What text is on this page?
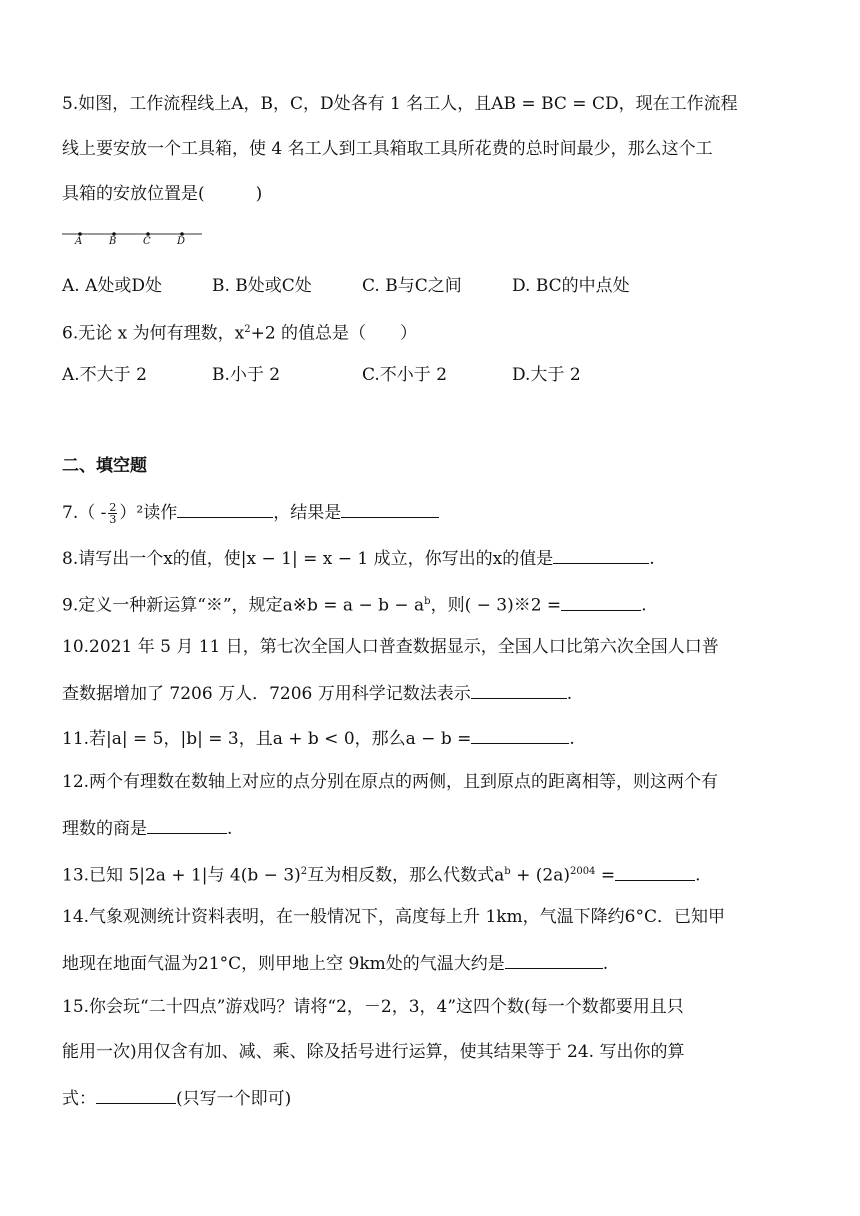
5.如图，工作流程线上A，B，C，D处各有 1 名工人，且AB = BC = CD，现在工作流程
线上要安放一个工具箱，使 4 名工人到工具箱取工具所花费的总时间最少，那么这个工
具箱的安放位置是(　　　)
A	B	C	D
A. A处或D处	B. B处或C处	C. B与C之间	D. BC的中点处
6.无论 x 为何有理数，$x^2+2$ 的值总是（　　）
A.不大于 2	B.小于 2	C.不小于 2	D.大于 2
二、填空题
$7.( - \frac{2}{3} )^2$读作	，结果是
8.请写出一个x的值，使|x − 1| = x − 1 成立，你写出的x的值是	.
9.定义一种新运算“※”，规定a※b = $a - b - a^b$，则( − 3)※2 =	.
10.2021 年 5 月 11 日，第七次全国人口普查数据显示，全国人口比第六次全国人口普
查数据增加了 7206 万人．7206 万用科学记数法表示	.
11.若|a| = 5，|b| = 3，且a + b < 0，那么a − b =	.
12.两个有理数在数轴上对应的点分别在原点的两侧，且到原点的距离相等，则这两个有
理数的商是	.
13.已知 5|2a + 1|与 $4(b - 3)^2$互为相反数，那么代数式$a^b + (2a)^{2004}$ =	.
14.气象观测统计资料表明，在一般情况下，高度每上升 1km，气温下降约6°C．已知甲
地现在地面气温为21°C，则甲地上空 9km处的气温大约是	.
15.你会玩“二十四点”游戏吗？请将“2，－2，3，4”这四个数(每一个数都要用且只
能用一次)用仅含有加、减、乘、除及括号进行运算，使其结果等于 24. 写出你的算
式：	(只写一个即可)
